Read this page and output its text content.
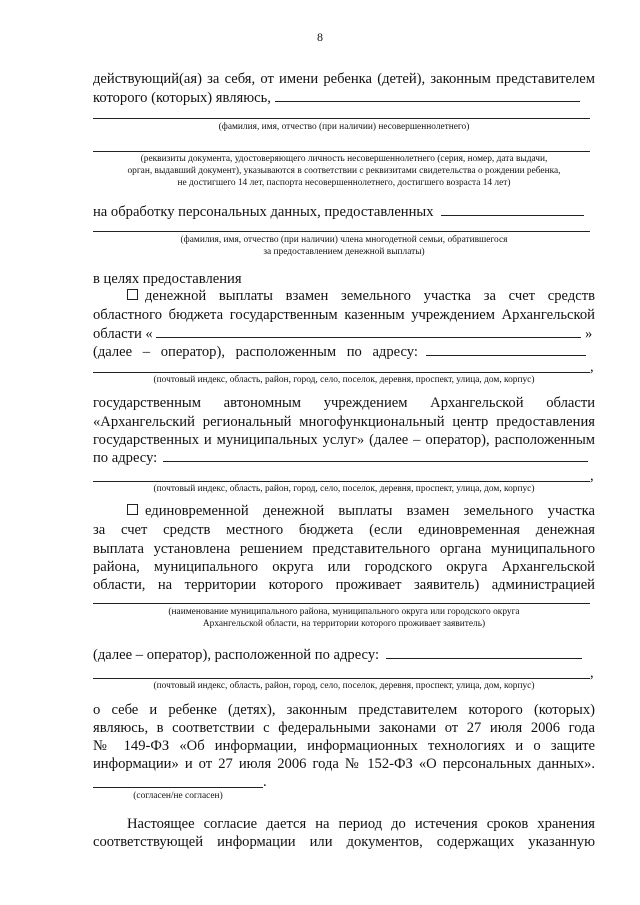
8
действующий(ая) за себя, от имени ребенка (детей), законным представителем
которого (которых) являюсь,
(фамилия, имя, отчество (при наличии) несовершеннолетнего)
(реквизиты документа, удостоверяющего личность несовершеннолетнего (серия, номер, дата выдачи,
орган, выдавший документ), указываются в соответствии с реквизитами свидетельства о рождении ребенка,
не достигшего 14 лет, паспорта несовершеннолетнего, достигшего возраста 14 лет)
на обработку персональных данных, предоставленных
(фамилия, имя, отчество (при наличии) члена многодетной семьи, обратившегося
за предоставлением денежной выплаты)
в целях предоставления
денежной выплаты взамен земельного участка за счет средств
областного бюджета государственным казенным учреждением Архангельской
области «	»
(далее – оператор), расположенным по адресу:
,
(почтовый индекс, область, район, город, село, поселок, деревня, проспект, улица, дом, корпус)
государственным автономным учреждением Архангельской области
«Архангельский региональный многофункциональный центр предоставления
государственных и муниципальных услуг» (далее – оператор), расположенным
по адресу:
,
(почтовый индекс, область, район, город, село, поселок, деревня, проспект, улица, дом, корпус)
единовременной денежной выплаты взамен земельного участка
за счет средств местного бюджета (если единовременная денежная
выплата установлена решением представительного органа муниципального
района, муниципального округа или городского округа Архангельской
области, на территории которого проживает заявитель) администрацией
(наименование муниципального района, муниципального округа или городского округа
Архангельской области, на территории которого проживает заявитель)
(далее – оператор), расположенной по адресу:
,
(почтовый индекс, область, район, город, село, поселок, деревня, проспект, улица, дом, корпус)
о себе и ребенке (детях), законным представителем которого (которых)
являюсь, в соответствии с федеральными законами от 27 июля 2006 года
№ 149-ФЗ «Об информации, информационных технологиях и о защите
информации» и от 27 июля 2006 года № 152-ФЗ «О персональных данных».
.
(согласен/не согласен)
Настоящее согласие дается на период до истечения сроков хранения
соответствующей информации или документов, содержащих указанную
